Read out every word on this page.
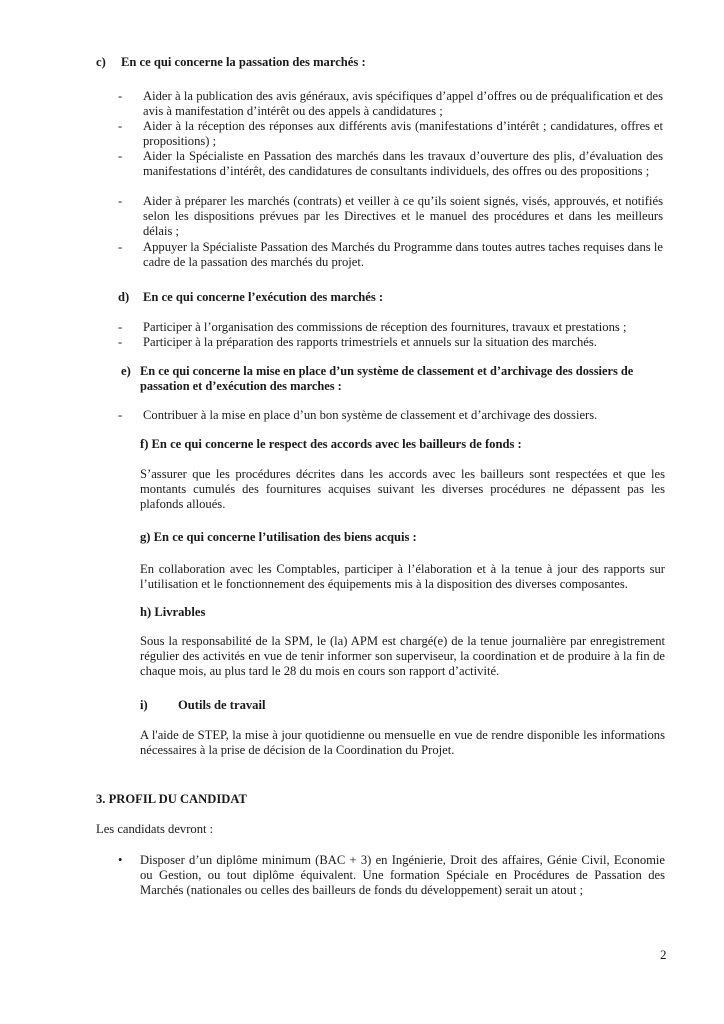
c) En ce qui concerne la passation des marchés :
-	Aider à la publication des avis généraux, avis spécifiques d’appel d’offres ou de préqualification et des avis à manifestation d’intérêt ou des appels à candidatures ;
-	Aider à la réception des réponses aux différents avis (manifestations d’intérêt ; candidatures, offres et propositions) ;
-	Aider la Spécialiste en Passation des marchés dans les travaux d’ouverture des plis, d’évaluation des manifestations d’intérêt, des candidatures de consultants individuels, des offres ou des propositions ;
-	Aider à préparer les marchés (contrats) et veiller à ce qu’ils soient signés, visés, approuvés, et notifiés selon les dispositions prévues par les Directives et le manuel des procédures et dans les meilleurs délais ;
-	Appuyer la Spécialiste Passation des Marchés du Programme dans toutes autres taches requises dans le cadre de la passation des marchés du projet.
d) En ce qui concerne l’exécution des marchés :
-	Participer à l’organisation des commissions de réception des fournitures, travaux et prestations ;
-	Participer à la préparation des rapports trimestriels et annuels sur la situation des marchés.
e) En ce qui concerne la mise en place d’un système de classement et d’archivage des dossiers de
passation et d’exécution des marches :
-	Contribuer à la mise en place d’un bon système de classement et d’archivage des dossiers.
f) En ce qui concerne le respect des accords avec les bailleurs de fonds :
S’assurer que les procédures décrites dans les accords avec les bailleurs sont respectées et que les montants cumulés des fournitures acquises suivant les diverses procédures ne dépassent pas les plafonds alloués.
g) En ce qui concerne l’utilisation des biens acquis :
En collaboration avec les Comptables, participer à l’élaboration et à la tenue à jour des rapports sur l’utilisation et le fonctionnement des équipements mis à la disposition des diverses composantes.
h) Livrables
Sous la responsabilité de la SPM, le (la) APM est chargé(e) de la tenue journalière par enregistrement régulier des activités en vue de tenir informer son superviseur, la coordination et de produire à la fin de chaque mois, au plus tard le 28 du mois en cours son rapport d’activité.
i) Outils de travail
A l'aide de STEP, la mise à jour quotidienne ou mensuelle en vue de rendre disponible les informations nécessaires à la prise de décision de la Coordination du Projet.
3. PROFIL DU CANDIDAT
Les candidats devront :
• Disposer d’un diplôme minimum (BAC + 3) en Ingénierie, Droit des affaires, Génie Civil, Economie ou Gestion, ou tout diplôme équivalent. Une formation Spéciale en Procédures de Passation des Marchés (nationales ou celles des bailleurs de fonds du développement) serait un atout ;
2
